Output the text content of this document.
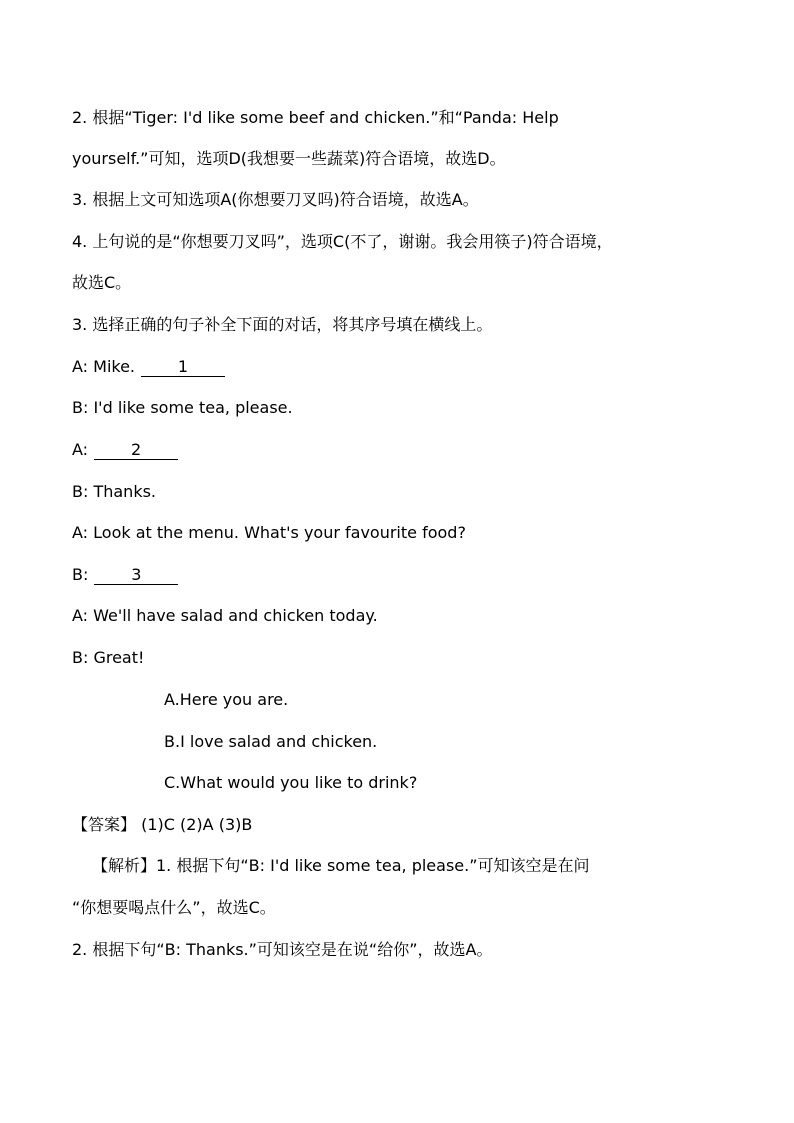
2. 根据“Tiger: I'd like some beef and chicken.”和“Panda: Help
yourself.”可知，选项D(我想要一些蔬菜)符合语境，故选D。
3. 根据上文可知选项A(你想要刀叉吗)符合语境，故选A。
4. 上句说的是“你想要刀叉吗”，选项C(不了，谢谢。我会用筷子)符合语境，
故选C。
3. 选择正确的句子补全下面的对话，将其序号填在横线上。
A: Mike.	1
B: I'd like some tea, please.
A:	2
B: Thanks.
A: Look at the menu. What's your favourite food?
B:	3
A: We'll have salad and chicken today.
B: Great!
A.Here you are.
B.I love salad and chicken.
C.What would you like to drink?
【答案】 (1)C (2)A (3)B
【解析】1. 根据下句“B: I'd like some tea, please.”可知该空是在问
“你想要喝点什么”，故选C。
2. 根据下句“B: Thanks.”可知该空是在说“给你”，故选A。
